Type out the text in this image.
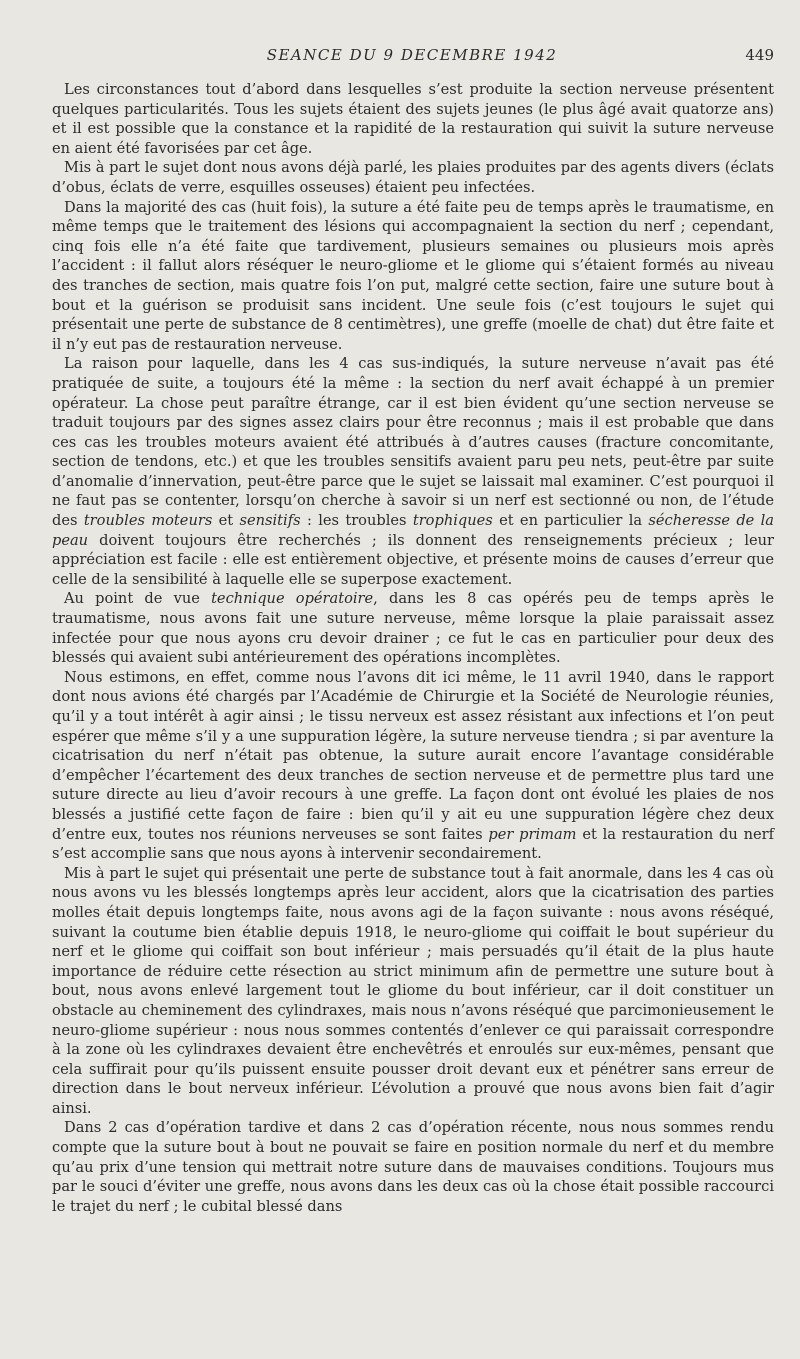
SEANCE DU 9 DECEMBRE 1942	449

Les circonstances tout d’abord dans lesquelles s’est produite la section nerveuse présentent quelques particularités. Tous les sujets étaient des sujets jeunes (le plus âgé avait quatorze ans) et il est possible que la constance et la rapidité de la restauration qui suivit la suture nerveuse en aient été favorisées par cet âge.

Mis à part le sujet dont nous avons déjà parlé, les plaies produites par des agents divers (éclats d’obus, éclats de verre, esquilles osseuses) étaient peu infectées.

Dans la majorité des cas (huit fois), la suture a été faite peu de temps après le traumatisme, en même temps que le traitement des lésions qui accompagnaient la section du nerf ; cependant, cinq fois elle n’a été faite que tardivement, plusieurs semaines ou plusieurs mois après l’accident : il fallut alors réséquer le neuro-gliome et le gliome qui s’étaient formés au niveau des tranches de section, mais quatre fois l’on put, malgré cette section, faire une suture bout à bout et la guérison se produisit sans incident. Une seule fois (c’est toujours le sujet qui présentait une perte de substance de 8 centimètres), une greffe (moelle de chat) dut être faite et il n’y eut pas de restauration nerveuse.

La raison pour laquelle, dans les 4 cas sus-indiqués, la suture nerveuse n’avait pas été pratiquée de suite, a toujours été la même : la section du nerf avait échappé à un premier opérateur. La chose peut paraître étrange, car il est bien évident qu’une section nerveuse se traduit toujours par des signes assez clairs pour être reconnus ; mais il est probable que dans ces cas les troubles moteurs avaient été attribués à d’autres causes (fracture concomitante, section de tendons, etc.) et que les troubles sensitifs avaient paru peu nets, peut-être par suite d’anomalie d’innervation, peut-être parce que le sujet se laissait mal examiner. C’est pourquoi il ne faut pas se contenter, lorsqu’on cherche à savoir si un nerf est sectionné ou non, de l’étude des troubles moteurs et sensitifs : les troubles trophiques et en particulier la sécheresse de la peau doivent toujours être recherchés ; ils donnent des renseignements précieux ; leur appréciation est facile : elle est entièrement objective, et présente moins de causes d’erreur que celle de la sensibilité à laquelle elle se superpose exactement.

Au point de vue technique opératoire, dans les 8 cas opérés peu de temps après le traumatisme, nous avons fait une suture nerveuse, même lorsque la plaie paraissait assez infectée pour que nous ayons cru devoir drainer ; ce fut le cas en particulier pour deux des blessés qui avaient subi antérieurement des opérations incomplètes.

Nous estimons, en effet, comme nous l’avons dit ici même, le 11 avril 1940, dans le rapport dont nous avions été chargés par l’Académie de Chirurgie et la Société de Neurologie réunies, qu’il y a tout intérêt à agir ainsi ; le tissu nerveux est assez résistant aux infections et l’on peut espérer que même s’il y a une suppuration légère, la suture nerveuse tiendra ; si par aventure la cicatrisation du nerf n’était pas obtenue, la suture aurait encore l’avantage considérable d’empêcher l’écartement des deux tranches de section nerveuse et de permettre plus tard une suture directe au lieu d’avoir recours à une greffe. La façon dont ont évolué les plaies de nos blessés a justifié cette façon de faire : bien qu’il y ait eu une suppuration légère chez deux d’entre eux, toutes nos réunions nerveuses se sont faites per primam et la restauration du nerf s’est accomplie sans que nous ayons à intervenir secondairement.

Mis à part le sujet qui présentait une perte de substance tout à fait anormale, dans les 4 cas où nous avons vu les blessés longtemps après leur accident, alors que la cicatrisation des parties molles était depuis longtemps faite, nous avons agi de la façon suivante : nous avons réséqué, suivant la coutume bien établie depuis 1918, le neuro-gliome qui coiffait le bout supérieur du nerf et le gliome qui coiffait son bout inférieur ; mais persuadés qu’il était de la plus haute importance de réduire cette résection au strict minimum afin de permettre une suture bout à bout, nous avons enlevé largement tout le gliome du bout inférieur, car il doit constituer un obstacle au cheminement des cylindraxes, mais nous n’avons réséqué que parcimonieusement le neuro-gliome supérieur : nous nous sommes contentés d’enlever ce qui paraissait correspondre à la zone où les cylindraxes devaient être enchevêtrés et enroulés sur eux-mêmes, pensant que cela suffirait pour qu’ils puissent ensuite pousser droit devant eux et pénétrer sans erreur de direction dans le bout nerveux inférieur. L’évolution a prouvé que nous avons bien fait d’agir ainsi.

Dans 2 cas d’opération tardive et dans 2 cas d’opération récente, nous nous sommes rendu compte que la suture bout à bout ne pouvait se faire en position normale du nerf et du membre qu’au prix d’une tension qui mettrait notre suture dans de mauvaises conditions. Toujours mus par le souci d’éviter une greffe, nous avons dans les deux cas où la chose était possible raccourci le trajet du nerf ; le cubital blessé dans
